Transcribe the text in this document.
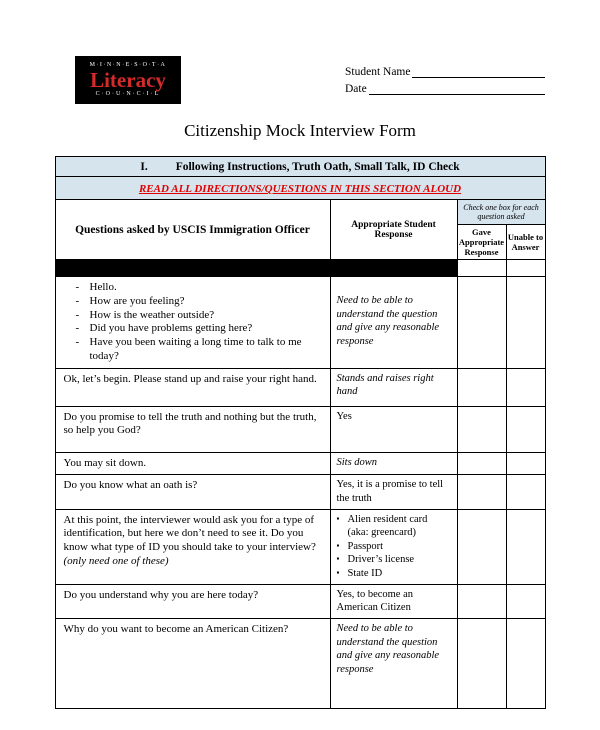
M·I·N·N·E·S·O·T·A
Literacy
C·O·U·N·C·I·L
Student Name
Date
Citizenship Mock Interview Form
I. Following Instructions, Truth Oath, Small Talk, ID Check			
READ ALL DIRECTIONS/QUESTIONS IN THIS SECTION ALOUD			
Questions asked by USCIS Immigration Officer	Appropriate Student Response	Check one box for each question asked	
		Gave Appropriate Response	Unable to Answer

- Hello.
- How are you feeling?
- How is the weather outside?
- Did you have problems getting here?
- Have you been waiting a long time to talk to me today?	Need to be able to understand the question and give any reasonable response		
Ok, let’s begin. Please stand up and raise your right hand.	Stands and raises right hand		
Do you promise to tell the truth and nothing but the truth, so help you God?	Yes		
You may sit down.	Sits down		
Do you know what an oath is?	Yes, it is a promise to tell the truth		
At this point, the interviewer would ask you for a type of identification, but here we don’t need to see it. Do you know what type of ID you should take to your interview? (only need one of these)	▪ Alien resident card (aka: greencard)
▪ Passport
▪ Driver’s license
▪ State ID

Do you understand why you are here today?	Yes, to become an American Citizen		
Why do you want to become an American Citizen?	Need to be able to understand the question and give any reasonable response		
